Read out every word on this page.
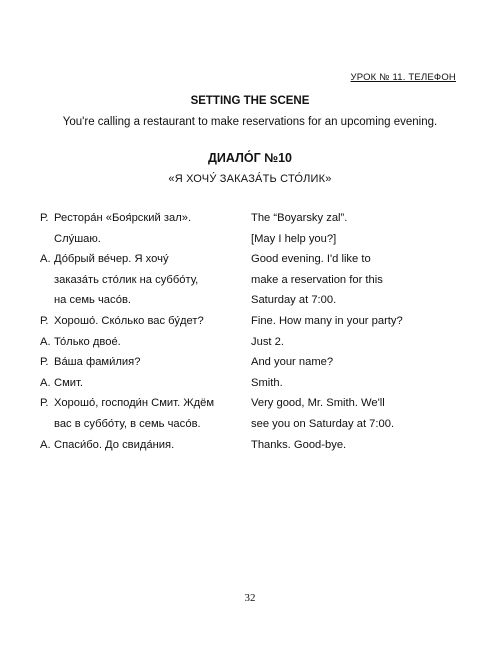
УРОК № 11. ТЕЛЕФОН
SETTING THE SCENE
You're calling a restaurant to make reservations for an upcoming evening.
ДИАЛО́Г №10
«Я ХОЧУ́ ЗАКАЗА́ТЬ СТО́ЛИК»
Р. Рестора́н «Боя́рский зал».	The “Boyarsky zal”.
Слу́шаю.	[May I help you?]
А. До́брый ве́чер. Я хочу́	Good evening. I'd like to
заказа́ть сто́лик на суббо́ту,	make a reservation for this
на семь часо́в.	Saturday at 7:00.
Р. Хорошо́. Ско́лько вас бу́дет?	Fine. How many in your party?
А. То́лько двое́.	Just 2.
Р. Ва́ша фами́лия?	And your name?
А. Смит.	Smith.
Р. Хорошо́, господи́н Смит. Ждём	Very good, Mr. Smith. We'll
вас в суббо́ту, в семь часо́в.	see you on Saturday at 7:00.
А. Спаси́бо. До свида́ния.	Thanks. Good-bye.
32
